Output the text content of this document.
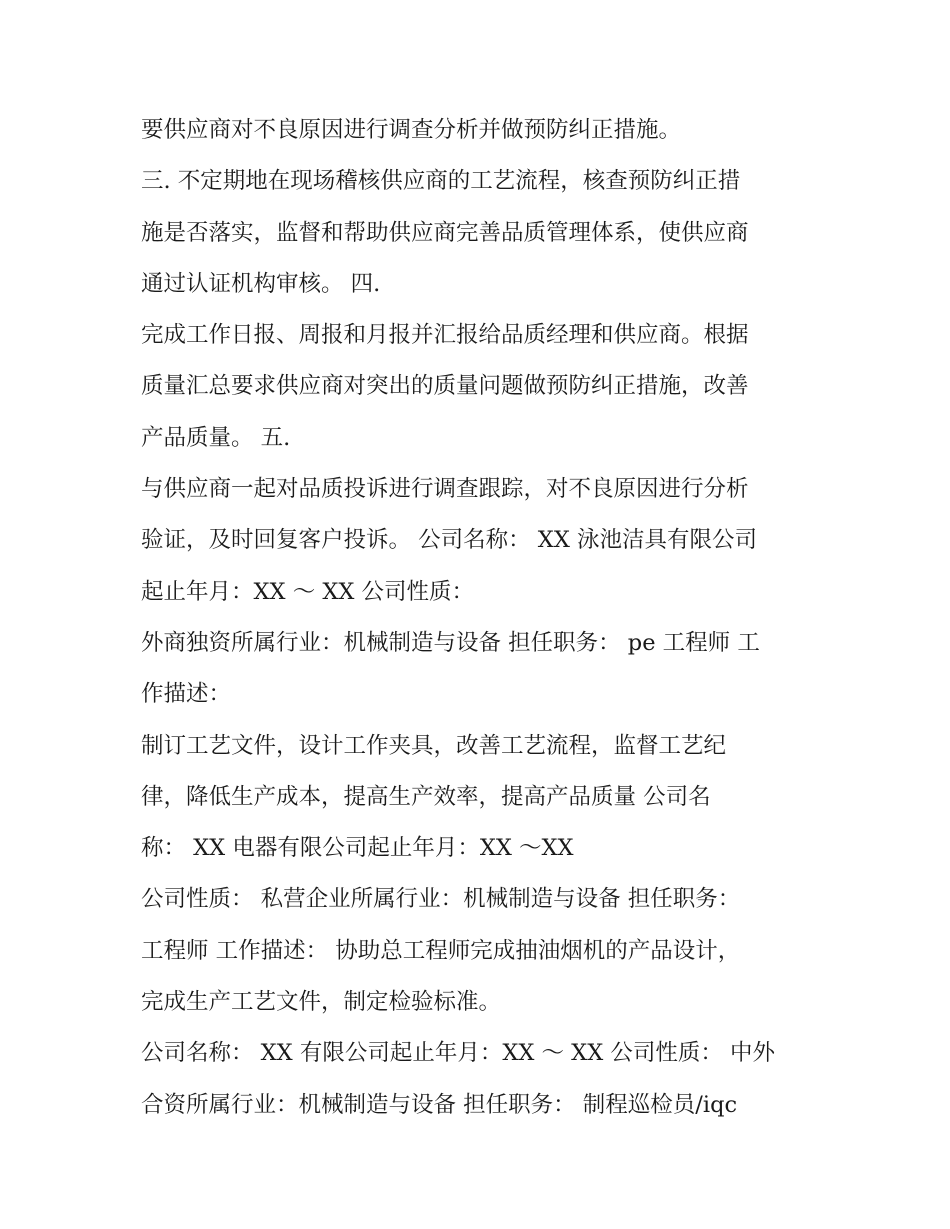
要供应商对不良原因进行调查分析并做预防纠正措施。
三. 不定期地在现场稽核供应商的工艺流程，核查预防纠正措
施是否落实，监督和帮助供应商完善品质管理体系，使供应商
通过认证机构审核。 四.
完成工作日报、周报和月报并汇报给品质经理和供应商。根据
质量汇总要求供应商对突出的质量问题做预防纠正措施，改善
产品质量。 五.
与供应商一起对品质投诉进行调查跟踪，对不良原因进行分析
验证，及时回复客户投诉。 公司名称： XX 泳池洁具有限公司
起止年月：XX ～ XX 公司性质：
外商独资所属行业：机械制造与设备 担任职务： pe 工程师 工
作描述：
制订工艺文件，设计工作夹具，改善工艺流程，监督工艺纪
律，降低生产成本，提高生产效率，提高产品质量 公司名
称： XX 电器有限公司起止年月：XX ～XX
公司性质： 私营企业所属行业：机械制造与设备 担任职务：
工程师 工作描述： 协助总工程师完成抽油烟机的产品设计，
完成生产工艺文件，制定检验标准。
公司名称： XX 有限公司起止年月：XX ～ XX 公司性质： 中外
合资所属行业：机械制造与设备 担任职务： 制程巡检员/iqc
